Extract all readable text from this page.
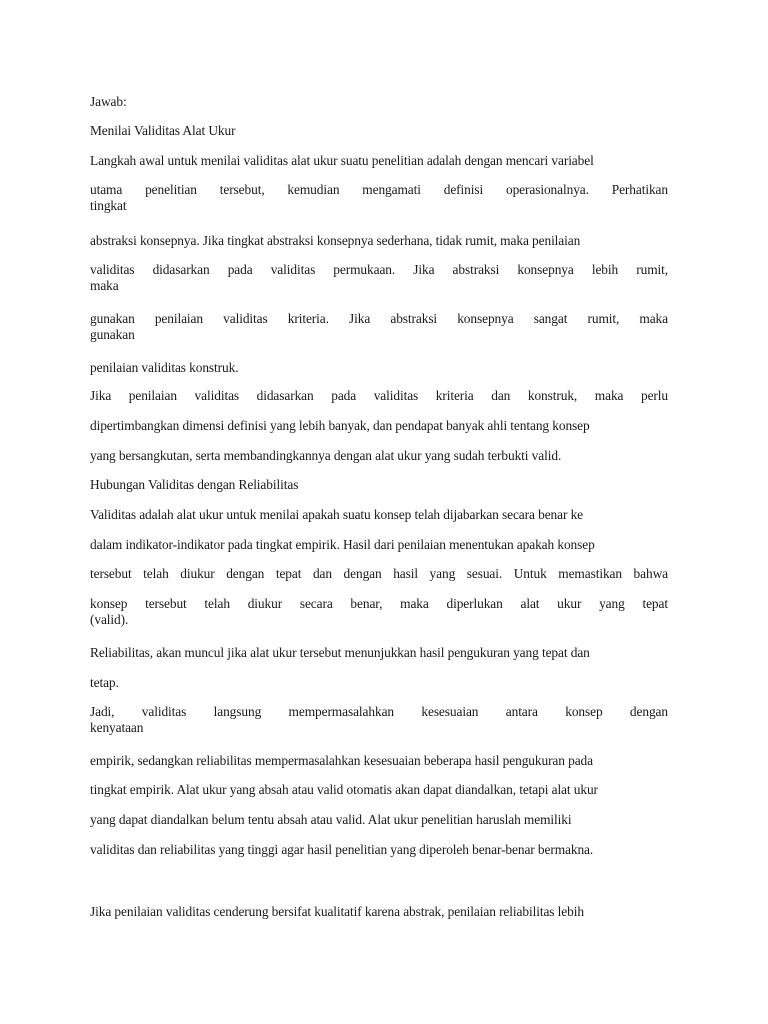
Jawab:
Menilai Validitas Alat Ukur
Langkah awal untuk menilai validitas alat ukur suatu penelitian adalah dengan mencari variabel
utama penelitian tersebut, kemudian mengamati definisi operasionalnya. Perhatikan
tingkat
abstraksi konsepnya. Jika tingkat abstraksi konsepnya sederhana, tidak rumit, maka penilaian
validitas didasarkan pada validitas permukaan. Jika abstraksi konsepnya lebih rumit,
maka
gunakan penilaian validitas kriteria. Jika abstraksi konsepnya sangat rumit, maka
gunakan
penilaian validitas konstruk.
Jika penilaian validitas didasarkan pada validitas kriteria dan konstruk, maka perlu
dipertimbangkan dimensi definisi yang lebih banyak, dan pendapat banyak ahli tentang konsep
yang bersangkutan, serta membandingkannya dengan alat ukur yang sudah terbukti valid.
Hubungan Validitas dengan Reliabilitas
Validitas adalah alat ukur untuk menilai apakah suatu konsep telah dijabarkan secara benar ke
dalam indikator-indikator pada tingkat empirik. Hasil dari penilaian menentukan apakah konsep
tersebut telah diukur dengan tepat dan dengan hasil yang sesuai. Untuk memastikan bahwa
konsep tersebut telah diukur secara benar, maka diperlukan alat ukur yang tepat
(valid).
Reliabilitas, akan muncul jika alat ukur tersebut menunjukkan hasil pengukuran yang tepat dan
tetap.
Jadi, validitas langsung mempermasalahkan kesesuaian antara konsep dengan
kenyataan
empirik, sedangkan reliabilitas mempermasalahkan kesesuaian beberapa hasil pengukuran pada
tingkat empirik. Alat ukur yang absah atau valid otomatis akan dapat diandalkan, tetapi alat ukur
yang dapat diandalkan belum tentu absah atau valid. Alat ukur penelitian haruslah memiliki
validitas dan reliabilitas yang tinggi agar hasil penelitian yang diperoleh benar-benar bermakna.
Jika penilaian validitas cenderung bersifat kualitatif karena abstrak, penilaian reliabilitas lebih
